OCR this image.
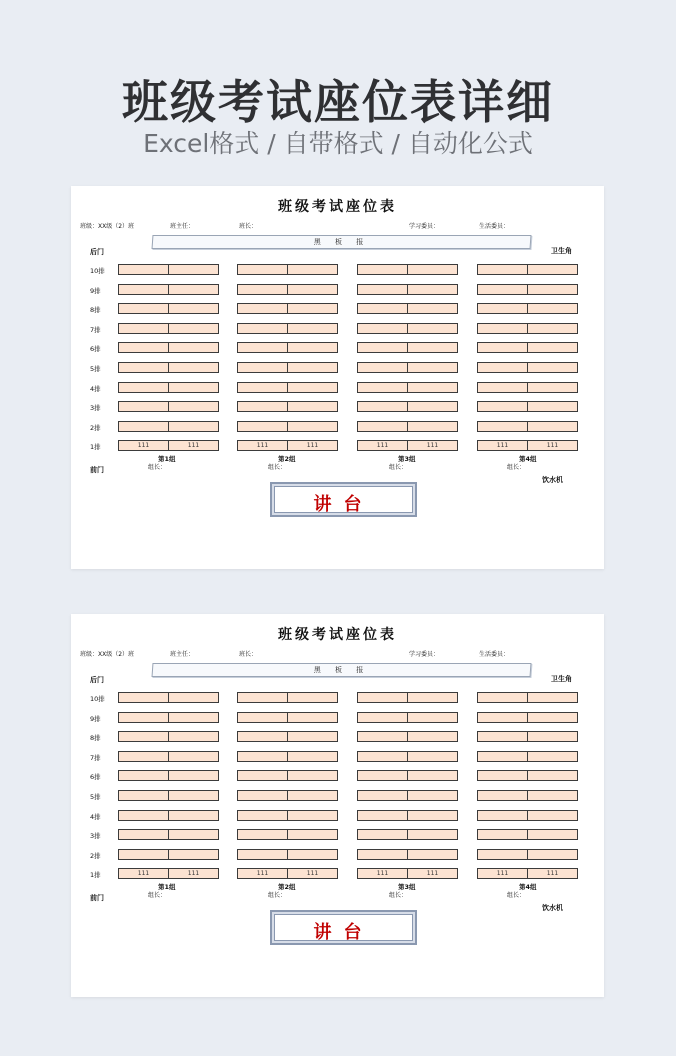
班级考试座位表详细
Excel格式 / 自带格式 / 自动化公式
班级考试座位表
班级：XX级（2）班	班主任：	班长：	学习委员：	生活委员：
黑 板 报
后门	卫生角
10排
9排
8排
7排
6排
5排
4排
3排
2排
1排	111	111	111	111	111	111	111	111
第1组
组长：
第2组
组长：
第3组
组长：
第4组
组长：
前门
饮水机
讲台
班级考试座位表
班级：XX级（2）班	班主任：	班长：	学习委员：	生活委员：
黑 板 报
后门	卫生角
10排
9排
8排
7排
6排
5排
4排
3排
2排
1排	111	111	111	111	111	111	111	111
第1组
组长：
第2组
组长：
第3组
组长：
第4组
组长：
前门
饮水机
讲台
